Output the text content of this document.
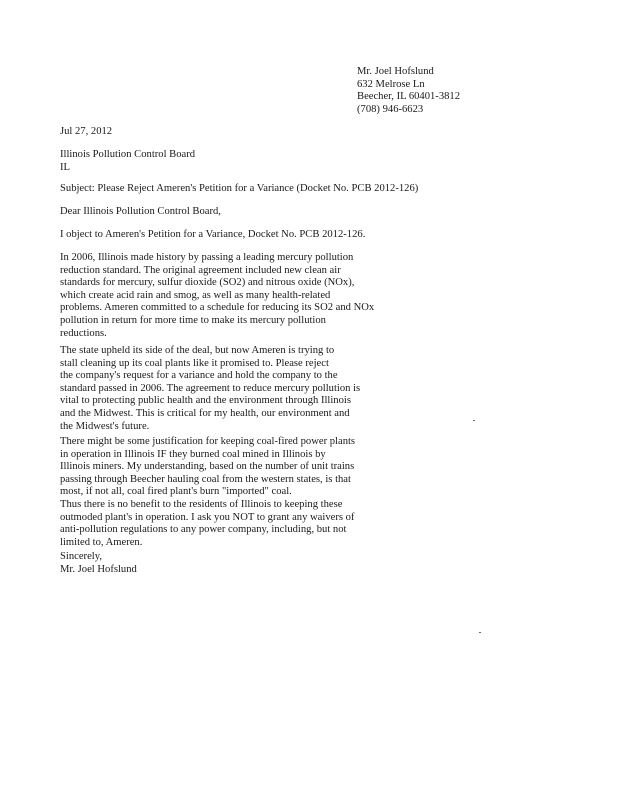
Mr. Joel Hofslund
632 Melrose Ln
Beecher, IL 60401-3812
(708) 946-6623
Jul 27, 2012
Illinois Pollution Control Board
IL
Subject: Please Reject Ameren's Petition for a Variance (Docket No. PCB 2012-126)
Dear Illinois Pollution Control Board,
I object to Ameren's Petition for a Variance, Docket No. PCB 2012-126.
In 2006, Illinois made history by passing a leading mercury pollution
reduction standard. The original agreement included new clean air
standards for mercury, sulfur dioxide (SO2) and nitrous oxide (NOx),
which create acid rain and smog, as well as many health-related
problems. Ameren committed to a schedule for reducing its SO2 and NOx
pollution in return for more time to make its mercury pollution
reductions.
The state upheld its side of the deal, but now Ameren is trying to
stall cleaning up its coal plants like it promised to. Please reject
the company's request for a variance and hold the company to the
standard passed in 2006. The agreement to reduce mercury pollution is
vital to protecting public health and the environment through Illinois
and the Midwest. This is critical for my health, our environment and
the Midwest's future.
There might be some justification for keeping coal-fired power plants
in operation in Illinois IF they burned coal mined in Illinois by
Illinois miners. My understanding, based on the number of unit trains
passing through Beecher hauling coal from the western states, is that
most, if not all, coal fired plant's burn "imported" coal.
Thus there is no benefit to the residents of Illinois to keeping these
outmoded plant's in operation. I ask you NOT to grant any waivers of
anti-pollution regulations to any power company, including, but not
limited to, Ameren.
Sincerely,
Mr. Joel Hofslund
